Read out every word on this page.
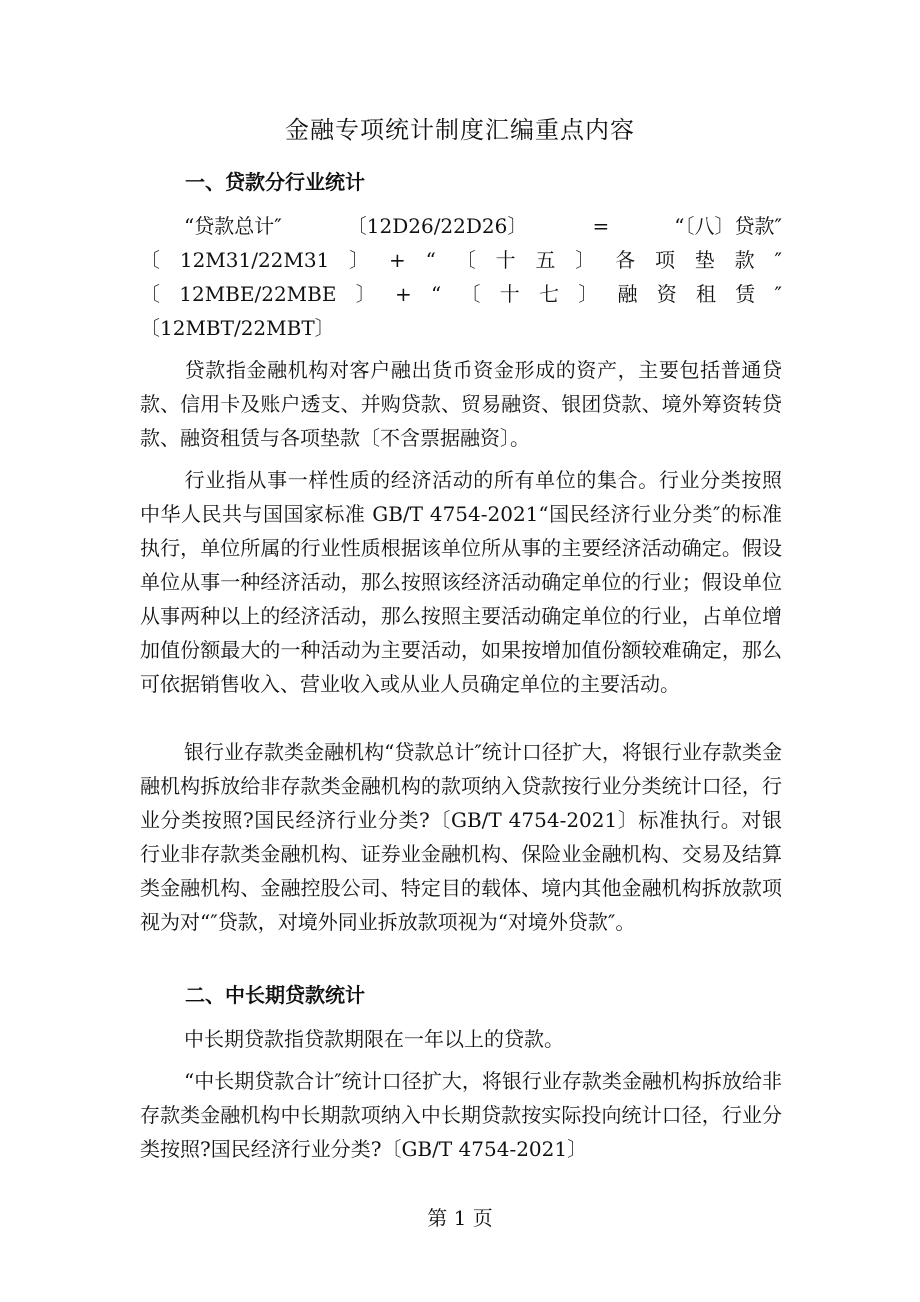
金融专项统计制度汇编重点内容
一、贷款分行业统计
“贷款总计″	〔12D26/22D26〕	=	“〔八〕贷款″
〔 12M31/22M31 〕 + “ 〔 十 五 〕 各 项 垫 款 ″
〔 12MBE/22MBE 〕 + “ 〔 十 七 〕 融 资 租 赁 ″
〔12MBT/22MBT〕
贷款指金融机构对客户融出货币资金形成的资产，主要包括普通贷款、信用卡及账户透支、并购贷款、贸易融资、银团贷款、境外筹资转贷款、融资租赁与各项垫款〔不含票据融资〕。
行业指从事一样性质的经济活动的所有单位的集合。行业分类按照中华人民共与国国家标准 GB/T 4754-2021“国民经济行业分类″的标准执行，单位所属的行业性质根据该单位所从事的主要经济活动确定。假设单位从事一种经济活动，那么按照该经济活动确定单位的行业；假设单位从事两种以上的经济活动，那么按照主要活动确定单位的行业，占单位增加值份额最大的一种活动为主要活动，如果按增加值份额较难确定，那么可依据销售收入、营业收入或从业人员确定单位的主要活动。
银行业存款类金融机构“贷款总计″统计口径扩大，将银行业存款类金融机构拆放给非存款类金融机构的款项纳入贷款按行业分类统计口径，行业分类按照?国民经济行业分类?〔GB/T 4754-2021〕标准执行。对银行业非存款类金融机构、证券业金融机构、保险业金融机构、交易及结算类金融机构、金融控股公司、特定目的载体、境内其他金融机构拆放款项视为对“″贷款，对境外同业拆放款项视为“对境外贷款″。
二、中长期贷款统计
中长期贷款指贷款期限在一年以上的贷款。
“中长期贷款合计″统计口径扩大，将银行业存款类金融机构拆放给非存款类金融机构中长期款项纳入中长期贷款按实际投向统计口径，行业分类按照?国民经济行业分类?〔GB/T 4754-2021〕
第 1 页
